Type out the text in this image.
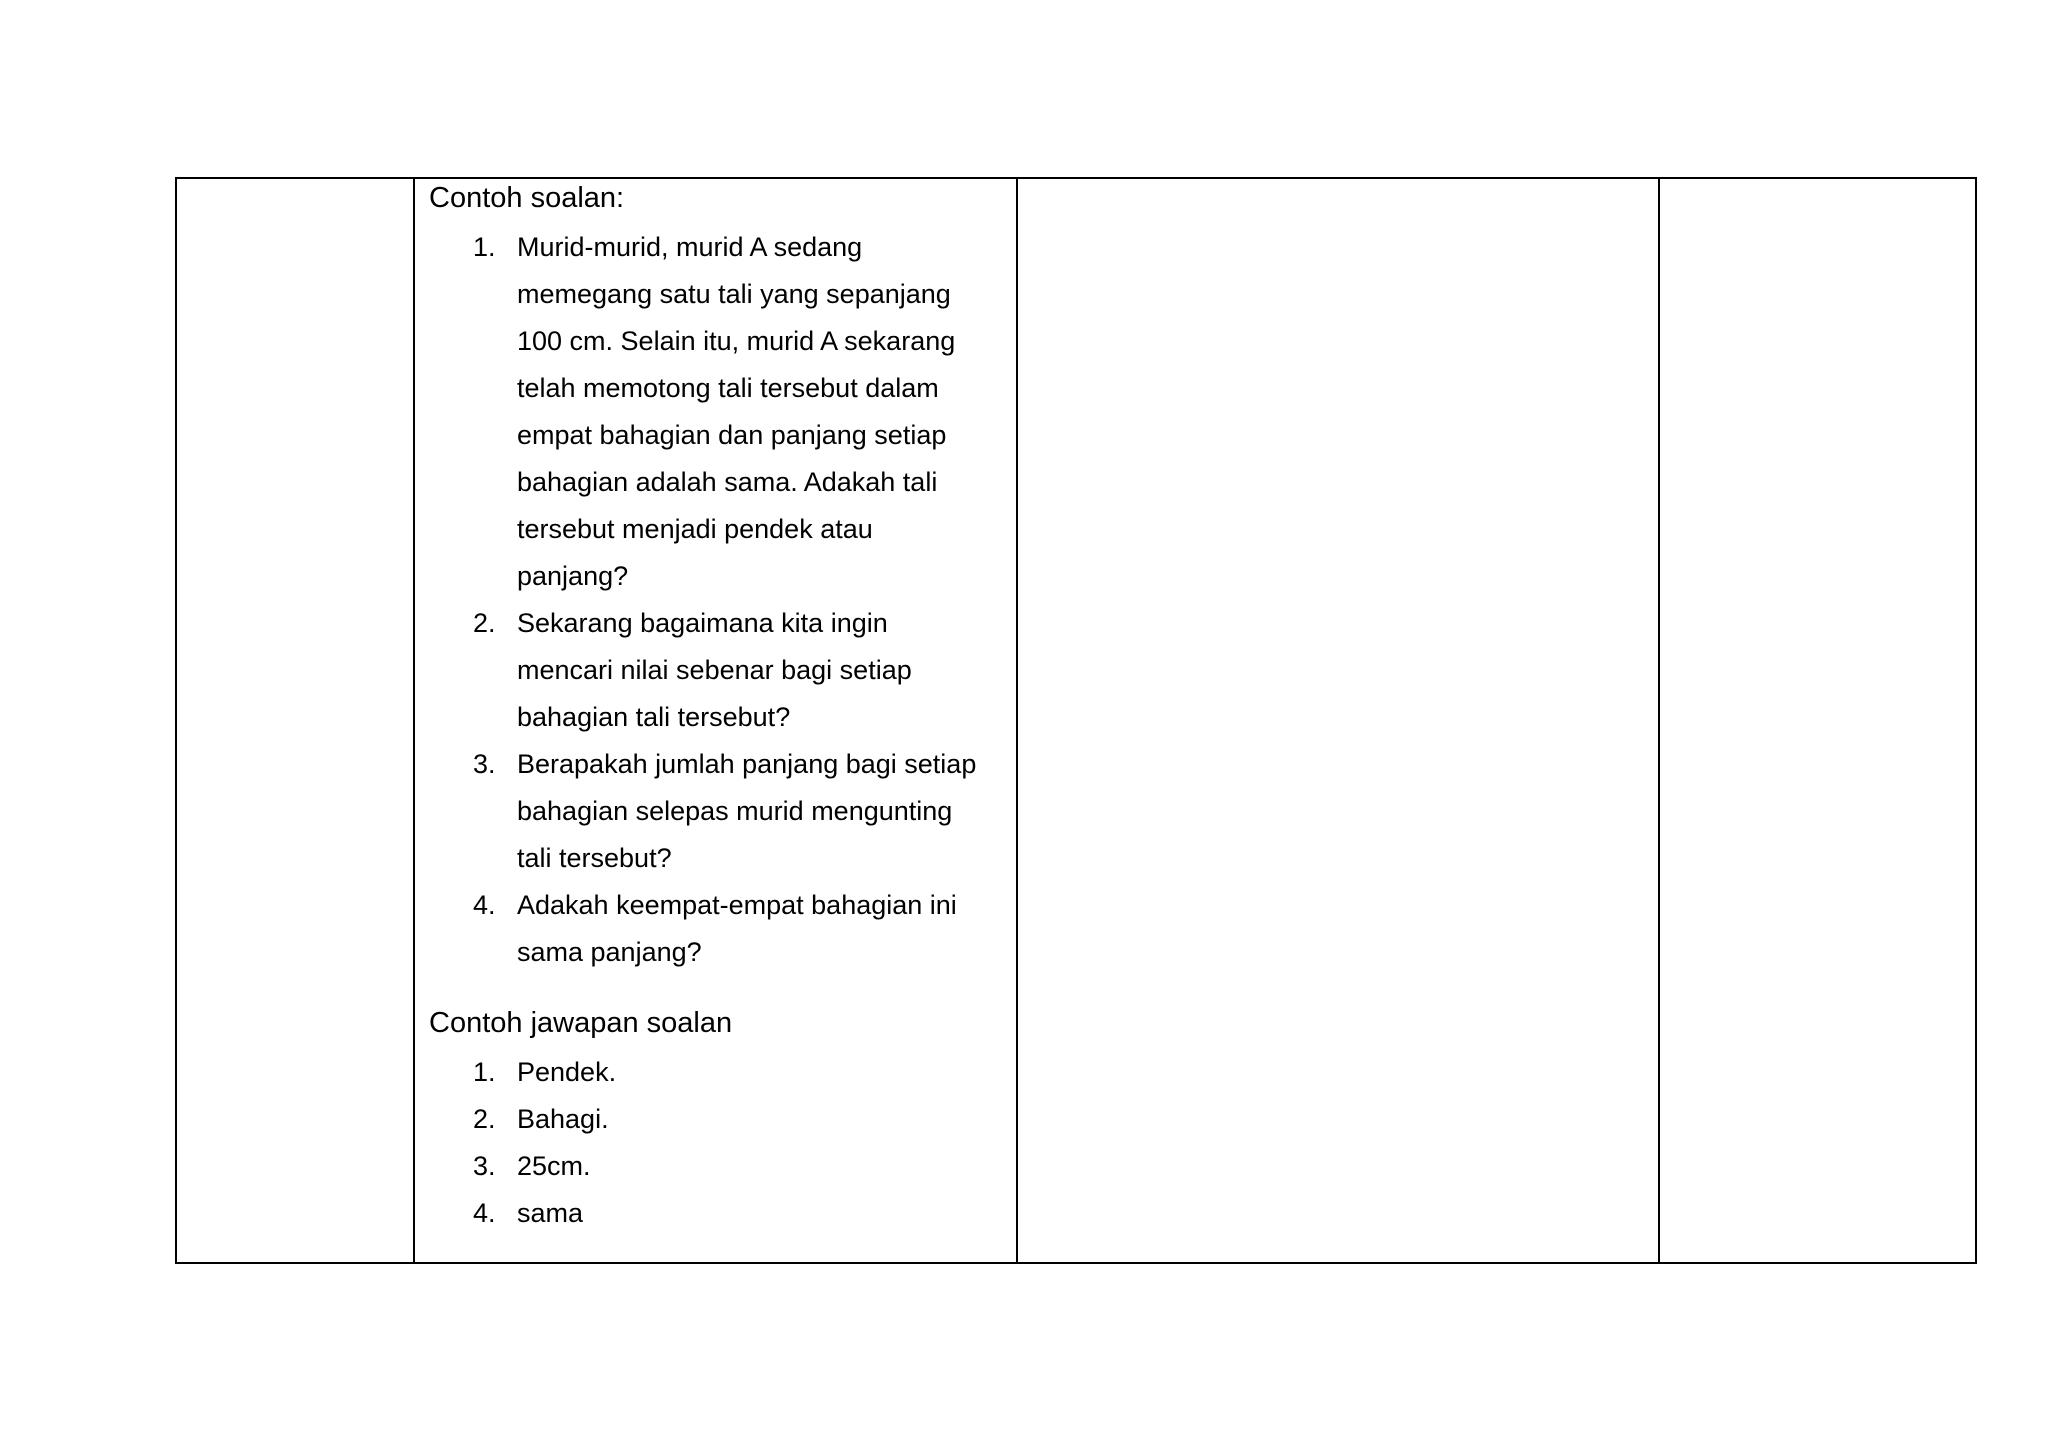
Contoh soalan:

1. Murid-murid, murid A sedang memegang satu tali yang sepanjang 100 cm. Selain itu, murid A sekarang telah memotong tali tersebut dalam empat bahagian dan panjang setiap bahagian adalah sama. Adakah tali tersebut menjadi pendek atau panjang?
2. Sekarang bagaimana kita ingin mencari nilai sebenar bagi setiap bahagian tali tersebut?
3. Berapakah jumlah panjang bagi setiap bahagian selepas murid mengunting tali tersebut?
4. Adakah keempat-empat bahagian ini sama panjang?

Contoh jawapan soalan

1. Pendek.
2. Bahagi.
3. 25cm.
4. sama
